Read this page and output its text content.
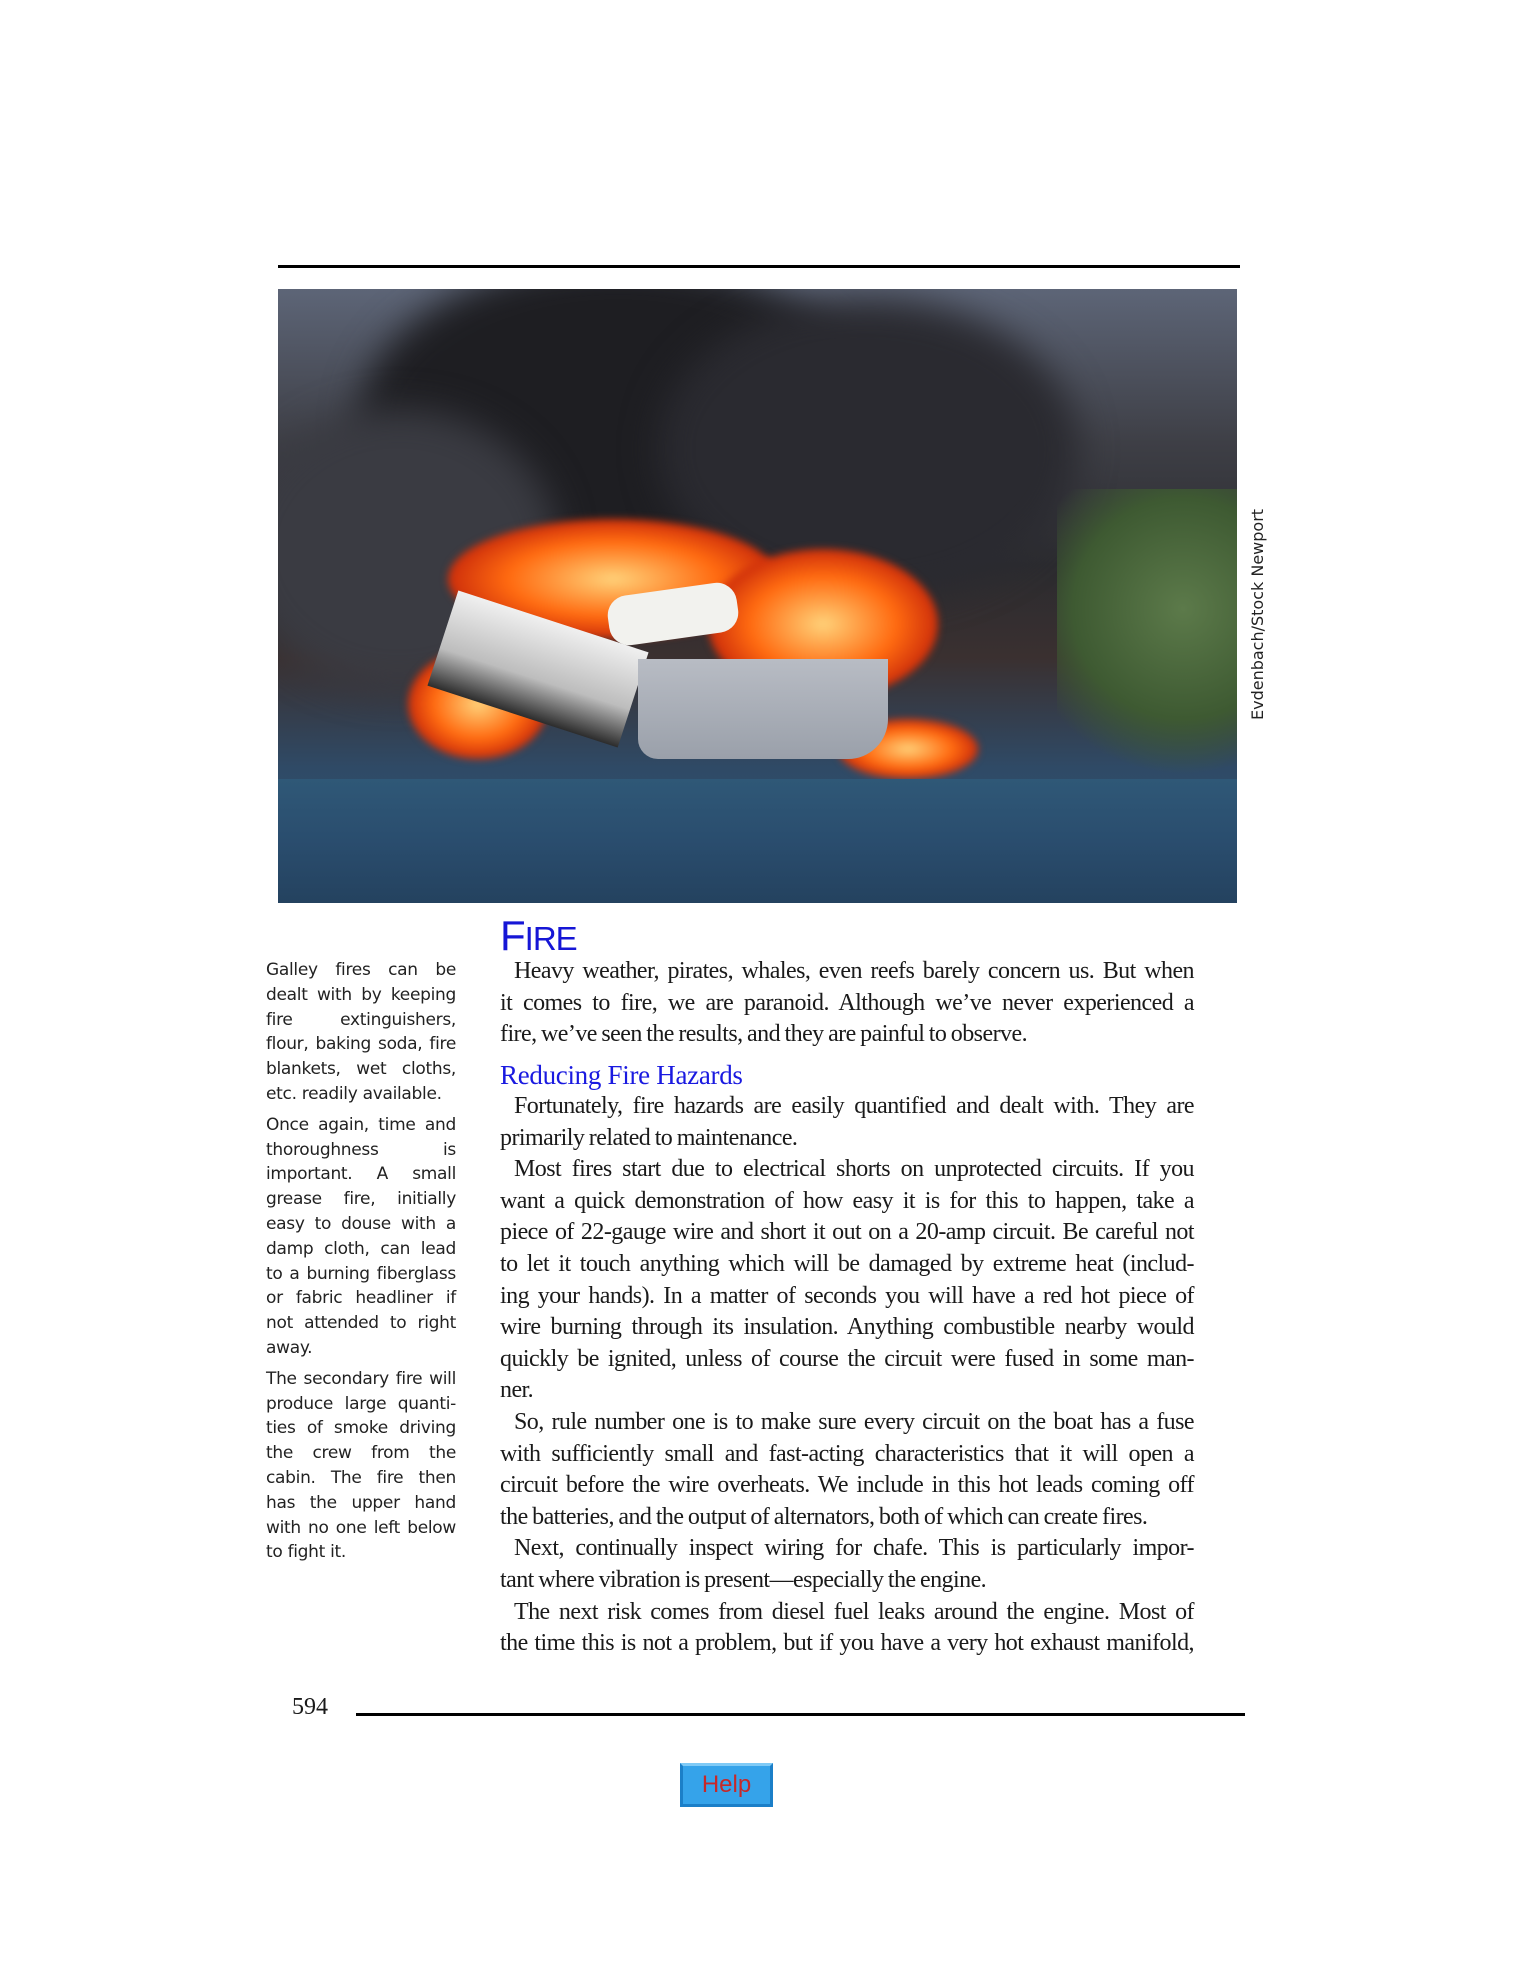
Evdenbach/Stock Newport
FIRE
Heavy weather, pirates, whales, even reefs barely concern us. But when
it comes to fire, we are paranoid. Although we’ve never experienced a
fire, we’ve seen the results, and they are painful to observe.
Reducing Fire Hazards
Fortunately, fire hazards are easily quantified and dealt with. They are
primarily related to maintenance.
Most fires start due to electrical shorts on unprotected circuits. If you
want a quick demonstration of how easy it is for this to happen, take a
piece of 22-gauge wire and short it out on a 20-amp circuit. Be careful not
to let it touch anything which will be damaged by extreme heat (includ-
ing your hands). In a matter of seconds you will have a red hot piece of
wire burning through its insulation. Anything combustible nearby would
quickly be ignited, unless of course the circuit were fused in some man-
ner.
So, rule number one is to make sure every circuit on the boat has a fuse
with sufficiently small and fast-acting characteristics that it will open a
circuit before the wire overheats. We include in this hot leads coming off
the batteries, and the output of alternators, both of which can create fires.
Next, continually inspect wiring for chafe. This is particularly impor-
tant where vibration is present—especially the engine.
The next risk comes from diesel fuel leaks around the engine. Most of
the time this is not a problem, but if you have a very hot exhaust manifold,
Galley fires can be
dealt with by keeping
fire extinguishers,
flour, baking soda, fire
blankets, wet cloths,
etc. readily available.
Once again, time and
thoroughness is
important. A small
grease fire, initially
easy to douse with a
damp cloth, can lead
to a burning fiberglass
or fabric headliner if
not attended to right
away.
The secondary fire will
produce large quanti-
ties of smoke driving
the crew from the
cabin. The fire then
has the upper hand
with no one left below
to fight it.
594
Help
